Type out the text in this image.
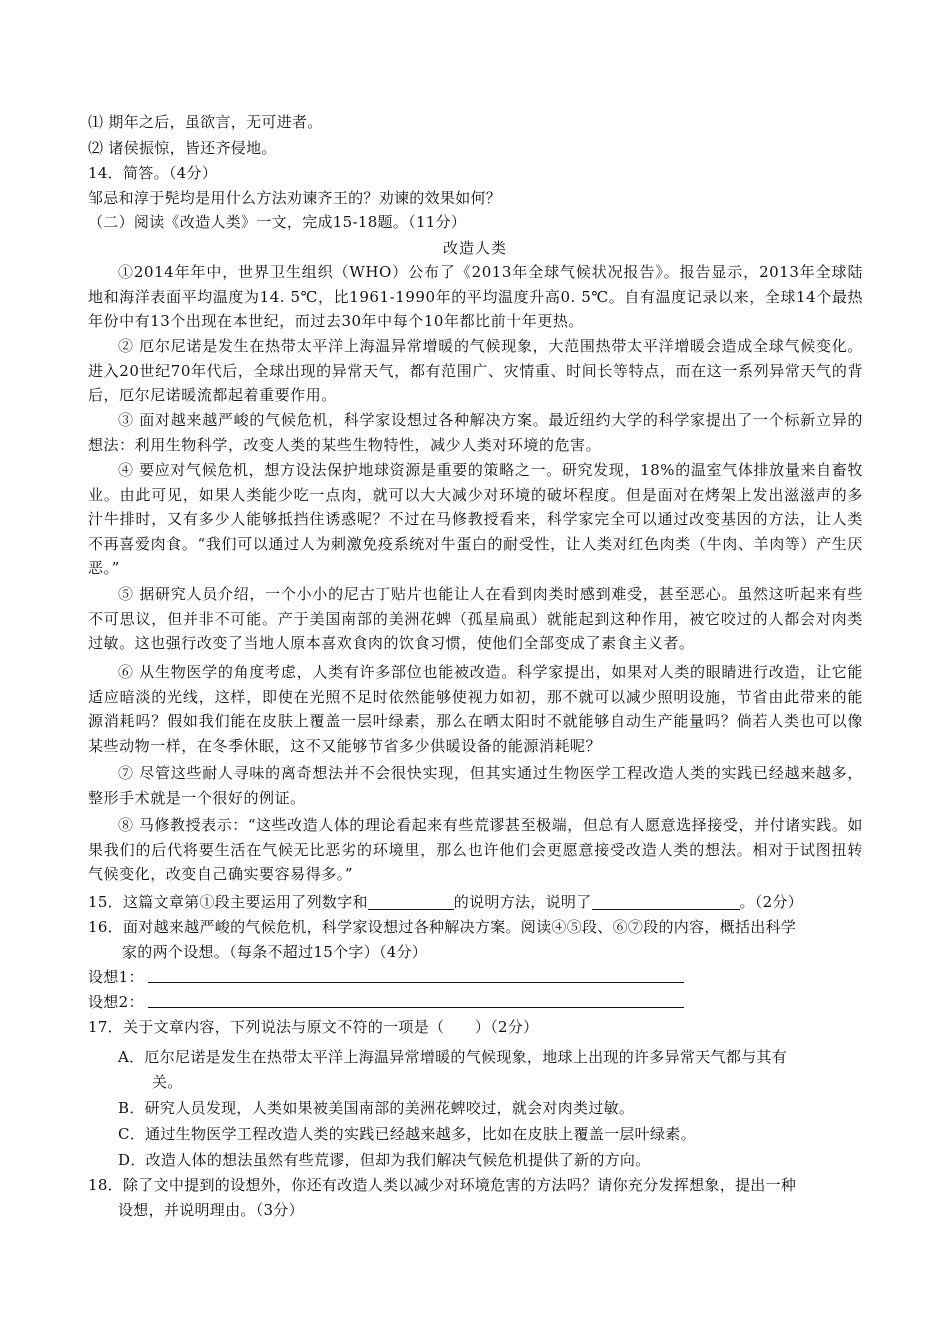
⑴ 期年之后，虽欲言，无可进者。
⑵ 诸侯振惊，皆还齐侵地。
14．简答。（4分）
邹忌和淳于髡均是用什么方法劝谏齐王的？劝谏的效果如何？
（二）阅读《改造人类》一文，完成15-18题。（11分）
改造人类
①2014年年中，世界卫生组织（WHO）公布了《2013年全球气候状况报告》。报告显示，2013年全球陆地和海洋表面平均温度为14. 5℃，比1961-1990年的平均温度升高0. 5℃。自有温度记录以来，全球14个最热年份中有13个出现在本世纪，而过去30年中每个10年都比前十年更热。
② 厄尔尼诺是发生在热带太平洋上海温异常增暖的气候现象，大范围热带太平洋增暖会造成全球气候变化。进入20世纪70年代后，全球出现的异常天气，都有范围广、灾情重、时间长等特点，而在这一系列异常天气的背后，厄尔尼诺暖流都起着重要作用。
③ 面对越来越严峻的气候危机，科学家设想过各种解决方案。最近纽约大学的科学家提出了一个标新立异的想法：利用生物科学，改变人类的某些生物特性，减少人类对环境的危害。
④ 要应对气候危机，想方设法保护地球资源是重要的策略之一。研究发现，18%的温室气体排放量来自畜牧业。由此可见，如果人类能少吃一点肉，就可以大大减少对环境的破坏程度。但是面对在烤架上发出滋滋声的多汁牛排时，又有多少人能够抵挡住诱惑呢？不过在马修教授看来，科学家完全可以通过改变基因的方法，让人类不再喜爱肉食。“我们可以通过人为刺激免疫系统对牛蛋白的耐受性，让人类对红色肉类（牛肉、羊肉等）产生厌恶。”
⑤ 据研究人员介绍，一个小小的尼古丁贴片也能让人在看到肉类时感到难受，甚至恶心。虽然这听起来有些不可思议，但并非不可能。产于美国南部的美洲花蜱（孤星扁虱）就能起到这种作用，被它咬过的人都会对肉类过敏。这也强行改变了当地人原本喜欢食肉的饮食习惯，使他们全部变成了素食主义者。
⑥ 从生物医学的角度考虑，人类有许多部位也能被改造。科学家提出，如果对人类的眼睛进行改造，让它能适应暗淡的光线，这样，即使在光照不足时依然能够使视力如初，那不就可以减少照明设施，节省由此带来的能源消耗吗？假如我们能在皮肤上覆盖一层叶绿素，那么在晒太阳时不就能够自动生产能量吗？倘若人类也可以像某些动物一样，在冬季休眠，这不又能够节省多少供暖设备的能源消耗呢？
⑦ 尽管这些耐人寻味的离奇想法并不会很快实现，但其实通过生物医学工程改造人类的实践已经越来越多，整形手术就是一个很好的例证。
⑧ 马修教授表示：“这些改造人体的理论看起来有些荒谬甚至极端，但总有人愿意选择接受，并付诸实践。如果我们的后代将要生活在气候无比恶劣的环境里，那么也许他们会更愿意接受改造人类的想法。相对于试图扭转气候变化，改变自己确实要容易得多。”
15．这篇文章第①段主要运用了列数字和	的说明方法，说明了	。（2分）
16．面对越来越严峻的气候危机，科学家设想过各种解决方案。阅读④⑤段、⑥⑦段的内容，概括出科学
家的两个设想。（每条不超过15个字）（4分）
设想1：
设想2：
17．关于文章内容，下列说法与原文不符的一项是（　　）（2分）
A．厄尔尼诺是发生在热带太平洋上海温异常增暖的气候现象，地球上出现的许多异常天气都与其有
关。
B．研究人员发现，人类如果被美国南部的美洲花蜱咬过，就会对肉类过敏。
C．通过生物医学工程改造人类的实践已经越来越多，比如在皮肤上覆盖一层叶绿素。
D．改造人体的想法虽然有些荒谬，但却为我们解决气候危机提供了新的方向。
18．除了文中提到的设想外，你还有改造人类以减少对环境危害的方法吗？请你充分发挥想象，提出一种
设想，并说明理由。（3分）
